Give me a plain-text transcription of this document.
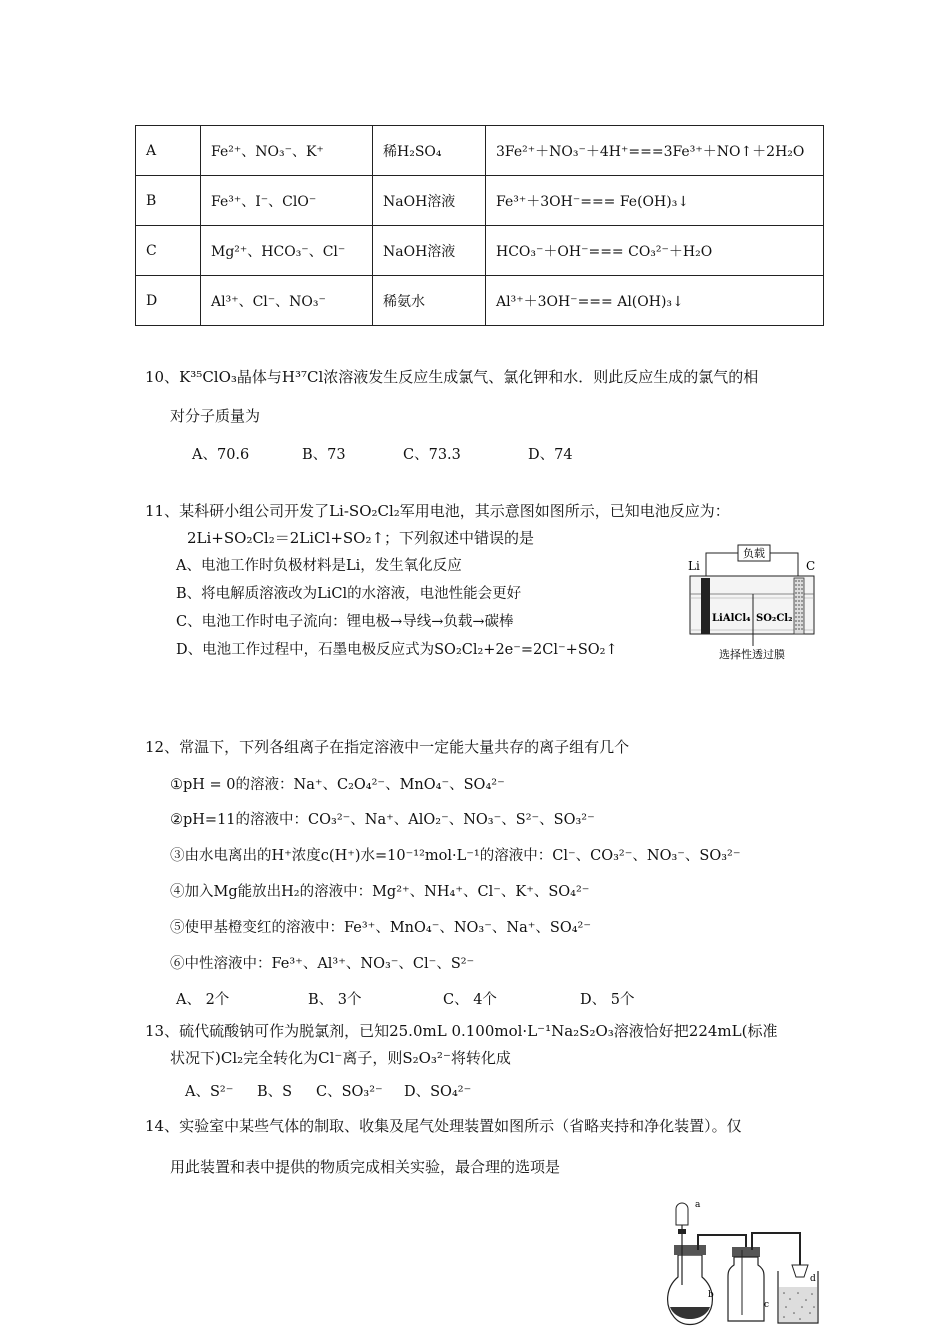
A	Fe²⁺、NO₃⁻、K⁺	稀H₂SO₄	3Fe²⁺＋NO₃⁻＋4H⁺===3Fe³⁺＋NO↑＋2H₂O
B	Fe³⁺、I⁻、ClO⁻	NaOH溶液	Fe³⁺＋3OH⁻=== Fe(OH)₃↓
C	Mg²⁺、HCO₃⁻、Cl⁻	NaOH溶液	HCO₃⁻＋OH⁻=== CO₃²⁻＋H₂O
D	Al³⁺、Cl⁻、NO₃⁻	稀氨水	Al³⁺＋3OH⁻=== Al(OH)₃↓
10、K³⁵ClO₃晶体与H³⁷Cl浓溶液发生反应生成氯气、氯化钾和水．则此反应生成的氯气的相
对分子质量为
A、70.6	B、73	C、73.3	D、74
11、某科研小组公司开发了Li-SO₂Cl₂军用电池，其示意图如图所示，已知电池反应为：
2Li+SO₂Cl₂＝2LiCl+SO₂↑；下列叙述中错误的是
A、电池工作时负极材料是Li，发生氧化反应
B、将电解质溶液改为LiCl的水溶液，电池性能会更好
C、电池工作时电子流向：锂电极→导线→负载→碳棒
D、电池工作过程中，石墨电极反应式为SO₂Cl₂+2e⁻=2Cl⁻+SO₂↑
负载
Li	C
LiAlCl₄ SO₂Cl₂
选择性透过膜
12、常温下，下列各组离子在指定溶液中一定能大量共存的离子组有几个
①pH = 0的溶液：Na⁺、C₂O₄²⁻、MnO₄⁻、SO₄²⁻
②pH=11的溶液中：CO₃²⁻、Na⁺、AlO₂⁻、NO₃⁻、S²⁻、SO₃²⁻
③由水电离出的H⁺浓度c(H⁺)水=10⁻¹²mol·L⁻¹的溶液中：Cl⁻、CO₃²⁻、NO₃⁻、SO₃²⁻
④加入Mg能放出H₂的溶液中：Mg²⁺、NH₄⁺、Cl⁻、K⁺、SO₄²⁻
⑤使甲基橙变红的溶液中：Fe³⁺、MnO₄⁻、NO₃⁻、Na⁺、SO₄²⁻
⑥中性溶液中：Fe³⁺、Al³⁺、NO₃⁻、Cl⁻、S²⁻
A、 2个	B、 3个	C、 4个	D、 5个
13、硫代硫酸钠可作为脱氯剂，已知25.0mL 0.100mol·L⁻¹Na₂S₂O₃溶液恰好把224mL(标准
状况下)Cl₂完全转化为Cl⁻离子，则S₂O₃²⁻将转化成
A、S²⁻ B、S C、SO₃²⁻ D、SO₄²⁻
14、实验室中某些气体的制取、收集及尾气处理装置如图所示（省略夹持和净化装置）。仅
用此装置和表中提供的物质完成相关实验，最合理的选项是
a
b
c
d
